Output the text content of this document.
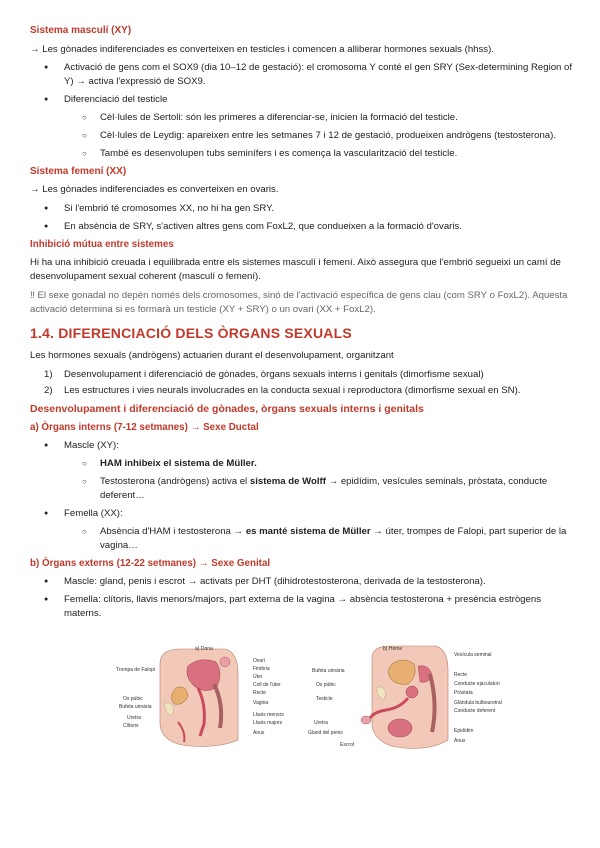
Sistema masculí (XY)
→ Les gònades indiferenciades es converteixen en testicles i comencen a alliberar hormones sexuals (hhss).
● Activació de gens com el SOX9 (dia 10–12 de gestació): el cromosoma Y conté el gen SRY (Sex-determining Region of Y) → activa l'expressió de SOX9.
● Diferenciació del testicle
○ Cèl·lules de Sertoli: són les primeres a diferenciar-se, inicien la formació del testicle.
○ Cèl·lules de Leydig: apareixen entre les setmanes 7 i 12 de gestació, produeixen andrògens (testosterona).
○ També es desenvolupen tubs seminífers i es comença la vascularització del testicle.
Sistema femení (XX)
→ Les gònades indiferenciades es converteixen en ovaris.
● Si l'embrió té cromosomes XX, no hi ha gen SRY.
● En absència de SRY, s'activen altres gens com FoxL2, que condueixen a la formació d'ovaris.
Inhibició mútua entre sistemes
Hi ha una inhibició creuada i equilibrada entre els sistemes masculí i femení. Això assegura que l'embrió segueixi un camí de desenvolupament sexual coherent (masculí o femení).
‼ El sexe gonadal no depèn només dels cromosomes, sinó de l'activació específica de gens clau (com SRY o FoxL2). Aquesta activació determina si es formarà un testicle (XY + SRY) o un ovari (XX + FoxL2).
1.4. DIFERENCIACIÓ DELS ÒRGANS SEXUALS
Les hormones sexuals (andrògens) actuarien durant el desenvolupament, organitzant
1) Desenvolupament i diferenciació de gònades, òrgans sexuals interns i genitals (dimorfisme sexual)
2) Les estructures i vies neurals involucrades en la conducta sexual i reproductora (dimorfisme sexual en SN).
Desenvolupament i diferenciació de gònades, òrgans sexuals interns i genitals
a) Òrgans interns (7-12 setmanes) → Sexe Ductal
● Mascle (XY):
○ HAM inhibeix el sistema de Müller.
○ Testosterona (andrògens) activa el sistema de Wolff → epidídim, vesícules seminals, pròstata, conducte deferent…
● Femella (XX):
○ Absència d'HAM i testosterona → es manté sistema de Müller → úter, trompes de Falopi, part superior de la vagina…
b) Òrgans externs (12-22 setmanes) → Sexe Genital
● Mascle: gland, penis i escrot → activats per DHT (dihidrotestosterona, derivada de la testosterona).
● Femella: clítoris, llavis menors/majors, part externa de la vagina → absència testosterona + presència estrògens materns.
a) Dona
Trompa de Falopi
Os púbic
Bufeta urinària
Uretra
Clítoris
Ovari
Fimbria
Úter
Coll de l'úter
Recte
Vagina
Llavis menors
Llavis majors
Anus
b) Home
Bufeta urinària
Os púbic
Testicle
Uretra
Gland del penis
Escrot
Vesícula seminal
Recte
Conducte ejaculatori
Pròstata
Glàndula bulbouretral
Conducte deferent
Epidídim
Anus
